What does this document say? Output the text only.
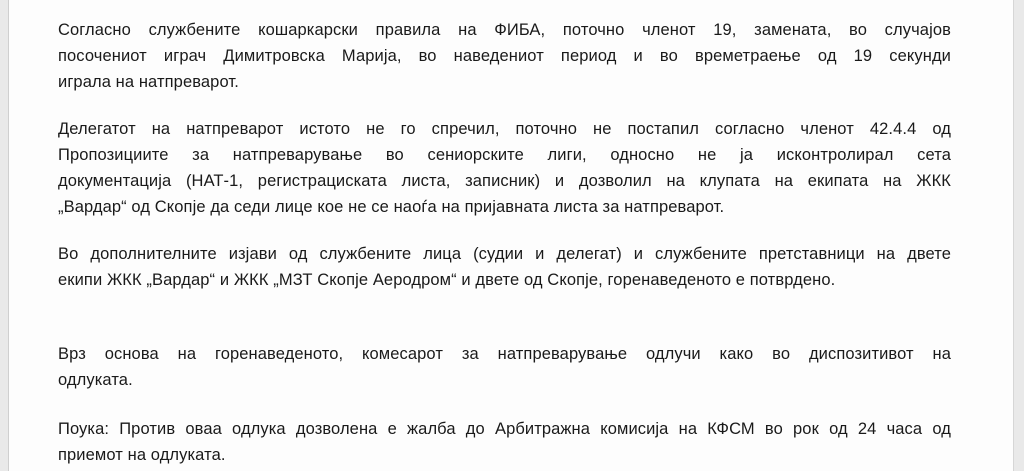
Согласно службените кошаркарски правила на ФИБА, поточно членот 19, замената, во случајов
посочениот играч Димитровска Марија, во наведениот период и во времетраење од 19 секунди
играла на натпреварот.

Делегатот на натпреварот истото не го спречил, поточно не постапил согласно членот 42.4.4 од
Пропозициите за натпреварување во сениорските лиги, односно не ја исконтролирал сета
документација (НАТ-1, регистрациската листа, записник) и дозволил на клупата на екипата на ЖКК
„Вардар“ од Скопје да седи лице кое не се наоѓа на пријавната листа за натпреварот.

Во дополнителните изјави од службените лица (судии и делегат) и службените претставници на двете
екипи ЖКК „Вардар“ и ЖКК „МЗТ Скопје Аеродром“ и двете од Скопје, горенаведеното е потврдено.

Врз основа на горенаведеното, комесарот за натпреварување одлучи како во диспозитивот на
одлуката.

Поука: Против оваа одлука дозволена е жалба до Арбитражна комисија на КФСМ во рок од 24 часа од
приемот на одлуката.
